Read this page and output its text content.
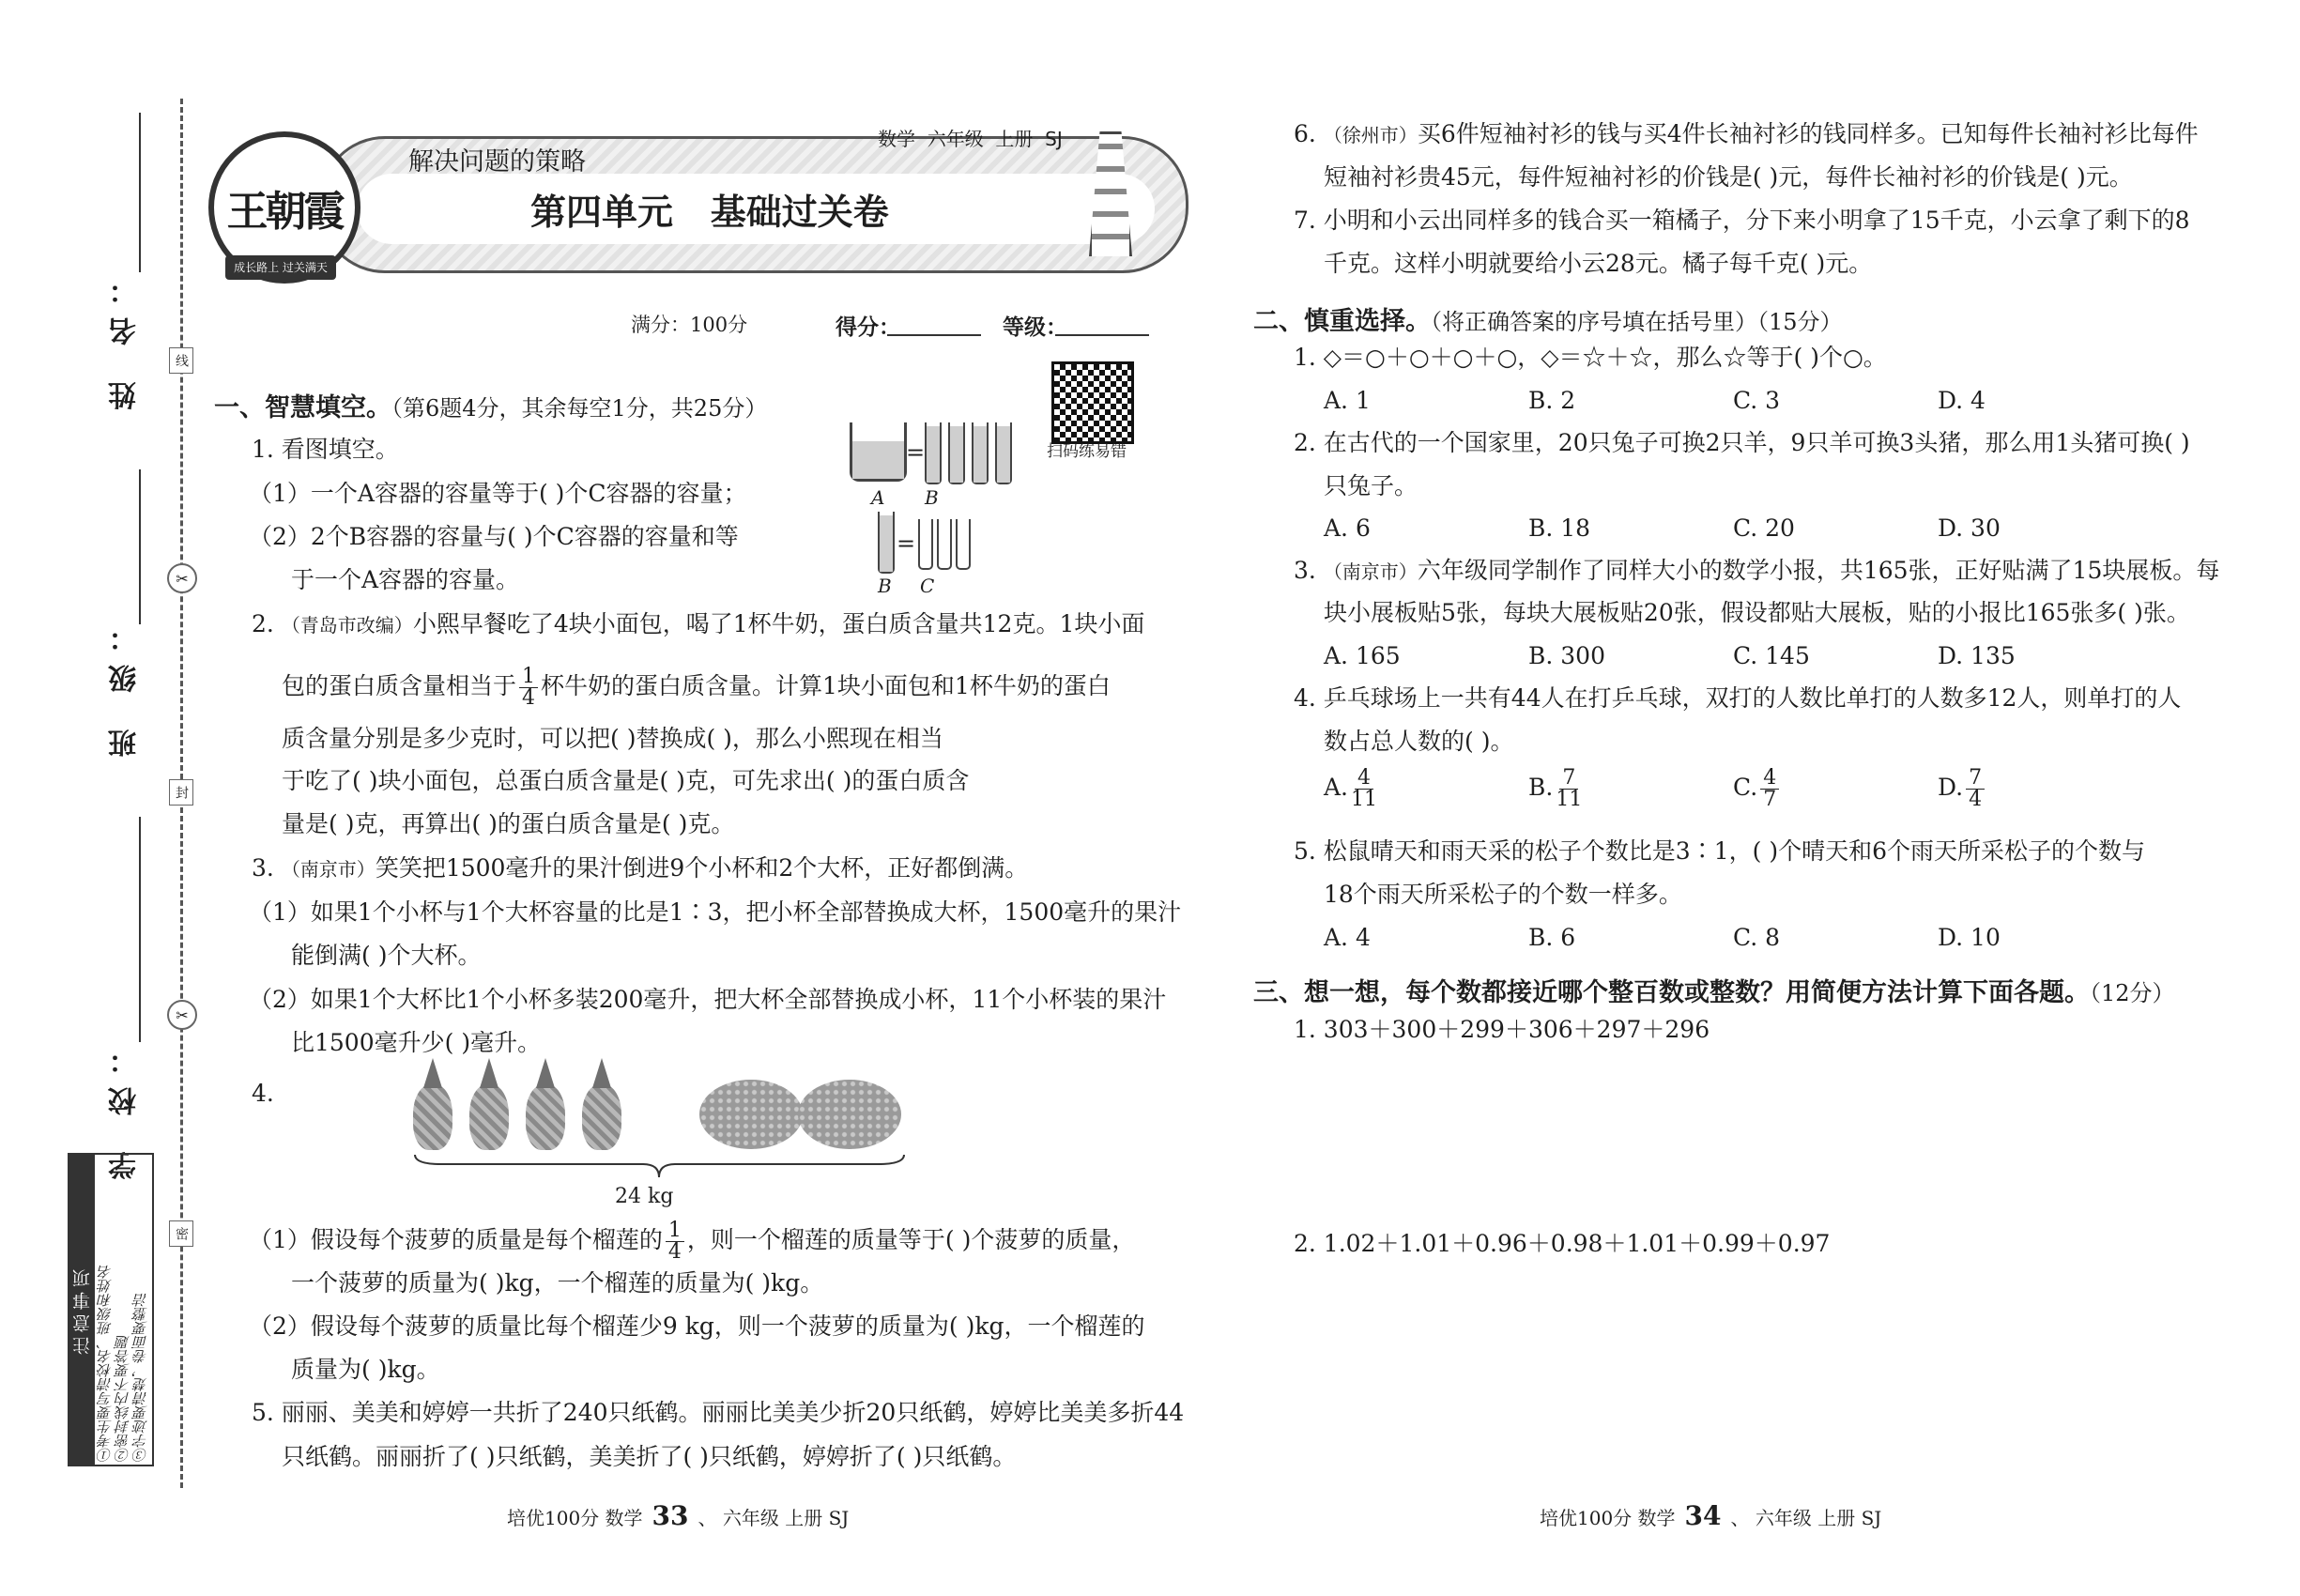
姓 名：
班 级：
学 校：
线
✂
封
✂
密
注意事项 ①考生要写清校名、班级和姓名 ②密封线内不要答题 ③字迹要清楚，卷面要整洁
王朝霞
成长路上 过关满天
解决问题的策略
数学  六年级  上册  SJ
第四单元   基础过关卷
满分：100分	得分：	等级：
扫码练易错
一、智慧填空。（第6题4分，其余每空1分，共25分）
1. 看图填空。
（1）一个A容器的容量等于( )个C容器的容量；
（2）2个B容器的容量与( )个C容器的容量和等
于一个A容器的容量。
=
A B
=
B C
2. （青岛市改编）小熙早餐吃了4块小面包，喝了1杯牛奶，蛋白质含量共12克。1块小面
包的蛋白质含量相当于 $\frac{1}{4}$ 杯牛奶的蛋白质含量。计算1块小面包和1杯牛奶的蛋白
质含量分别是多少克时，可以把( )替换成( )，那么小熙现在相当
于吃了( )块小面包，总蛋白质含量是( )克，可先求出( )的蛋白质含
量是( )克，再算出( )的蛋白质含量是( )克。
3. （南京市）笑笑把1500毫升的果汁倒进9个小杯和2个大杯，正好都倒满。
（1）如果1个小杯与1个大杯容量的比是1∶3，把小杯全部替换成大杯，1500毫升的果汁
能倒满( )个大杯。
（2）如果1个大杯比1个小杯多装200毫升，把大杯全部替换成小杯，11个小杯装的果汁
比1500毫升少( )毫升。
4.
24 kg
（1）假设每个菠萝的质量是每个榴莲的 $\frac{1}{4}$ ，则一个榴莲的质量等于( )个菠萝的质量，
一个菠萝的质量为( )kg，一个榴莲的质量为( )kg。
（2）假设每个菠萝的质量比每个榴莲少9 kg，则一个菠萝的质量为( )kg，一个榴莲的
质量为( )kg。
5. 丽丽、美美和婷婷一共折了240只纸鹤。丽丽比美美少折20只纸鹤，婷婷比美美多折44
只纸鹤。丽丽折了( )只纸鹤，美美折了( )只纸鹤，婷婷折了( )只纸鹤。
培优100分 数学 33 、 六年级 上册 SJ
6. （徐州市）买6件短袖衬衫的钱与买4件长袖衬衫的钱同样多。已知每件长袖衬衫比每件
短袖衬衫贵45元，每件短袖衬衫的价钱是( )元，每件长袖衬衫的价钱是( )元。
7. 小明和小云出同样多的钱合买一箱橘子，分下来小明拿了15千克，小云拿了剩下的8
千克。这样小明就要给小云28元。橘子每千克( )元。
二、慎重选择。（将正确答案的序号填在括号里）（15分）
1. ◇＝○＋○＋○＋○，◇＝☆＋☆，那么☆等于( )个○。
A. 1	B. 2	C. 3	D. 4
2. 在古代的一个国家里，20只兔子可换2只羊，9只羊可换3头猪，那么用1头猪可换( )
只兔子。
A. 6	B. 18	C. 20	D. 30
3. （南京市）六年级同学制作了同样大小的数学小报，共165张，正好贴满了15块展板。每
块小展板贴5张，每块大展板贴20张，假设都贴大展板，贴的小报比165张多( )张。
A. 165	B. 300	C. 145	D. 135
4. 乒乓球场上一共有44人在打乒乓球，双打的人数比单打的人数多12人，则单打的人
数占总人数的( )。
A. $\frac{4}{11}$	B. $\frac{7}{11}$	C. $\frac{4}{7}$	D. $\frac{7}{4}$
5. 松鼠晴天和雨天采的松子个数比是3∶1，( )个晴天和6个雨天所采松子的个数与
18个雨天所采松子的个数一样多。
A. 4	B. 6	C. 8	D. 10
三、想一想，每个数都接近哪个整百数或整数？用简便方法计算下面各题。（12分）
1. 303＋300＋299＋306＋297＋296
2. 1.02＋1.01＋0.96＋0.98＋1.01＋0.99＋0.97
培优100分 数学 34 、 六年级 上册 SJ
